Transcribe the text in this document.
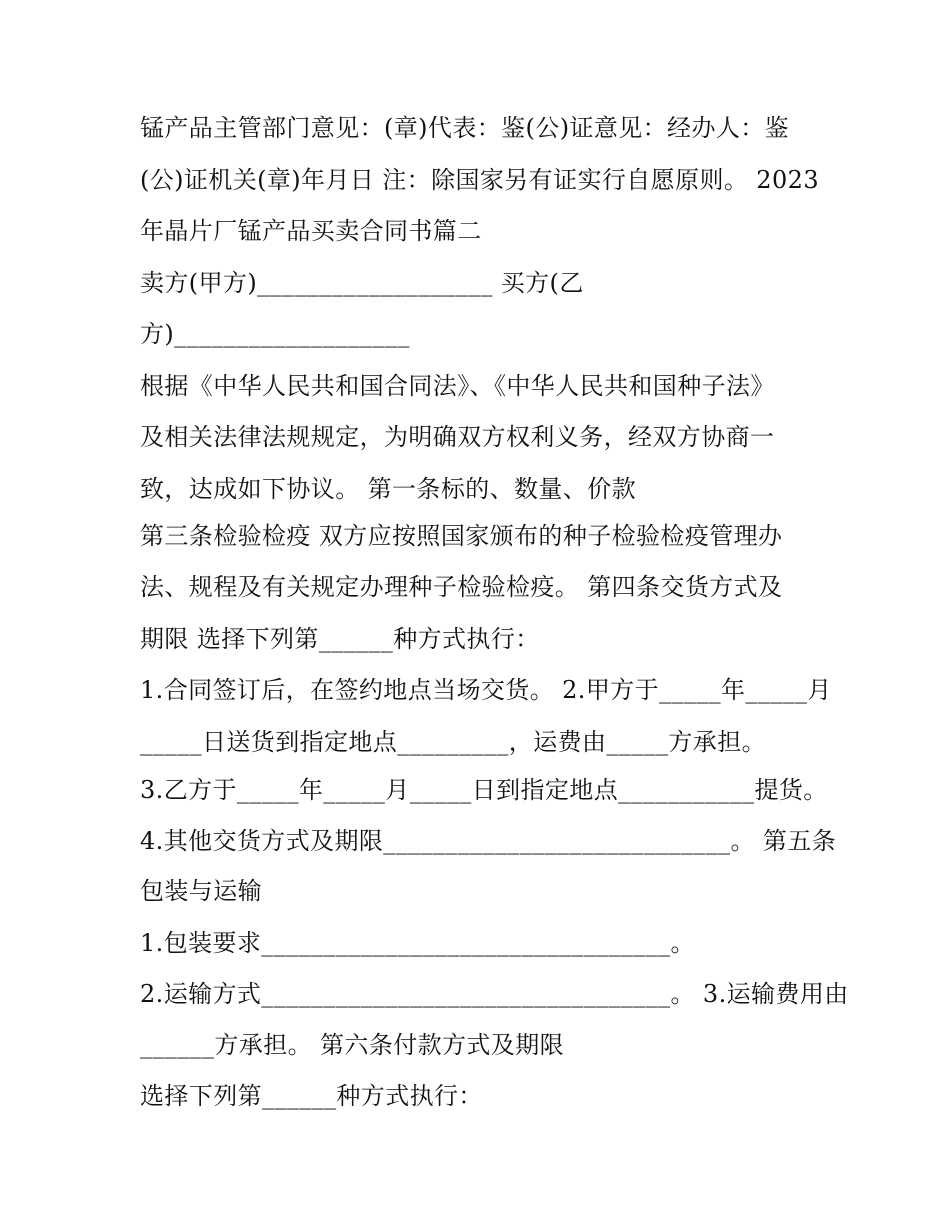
锰产品主管部门意见：(章)代表：鉴(公)证意见：经办人：鉴
(公)证机关(章)年月日 注：除国家另有证实行自愿原则。 2023
年晶片厂锰产品买卖合同书篇二
卖方(甲方)___________________ 买方(乙
方)___________________
根据《中华人民共和国合同法》、《中华人民共和国种子法》
及相关法律法规规定，为明确双方权利义务，经双方协商一
致，达成如下协议。 第一条标的、数量、价款
第三条检验检疫 双方应按照国家颁布的种子检验检疫管理办
法、规程及有关规定办理种子检验检疫。 第四条交货方式及
期限 选择下列第______种方式执行：
1.合同签订后，在签约地点当场交货。 2.甲方于_____年_____月
_____日送货到指定地点_________，运费由_____方承担。
3.乙方于_____年_____月_____日到指定地点___________提货。
4.其他交货方式及期限____________________________。 第五条
包装与运输
1.包装要求_________________________________。
2.运输方式_________________________________。 3.运输费用由
______方承担。 第六条付款方式及期限
选择下列第______种方式执行：
